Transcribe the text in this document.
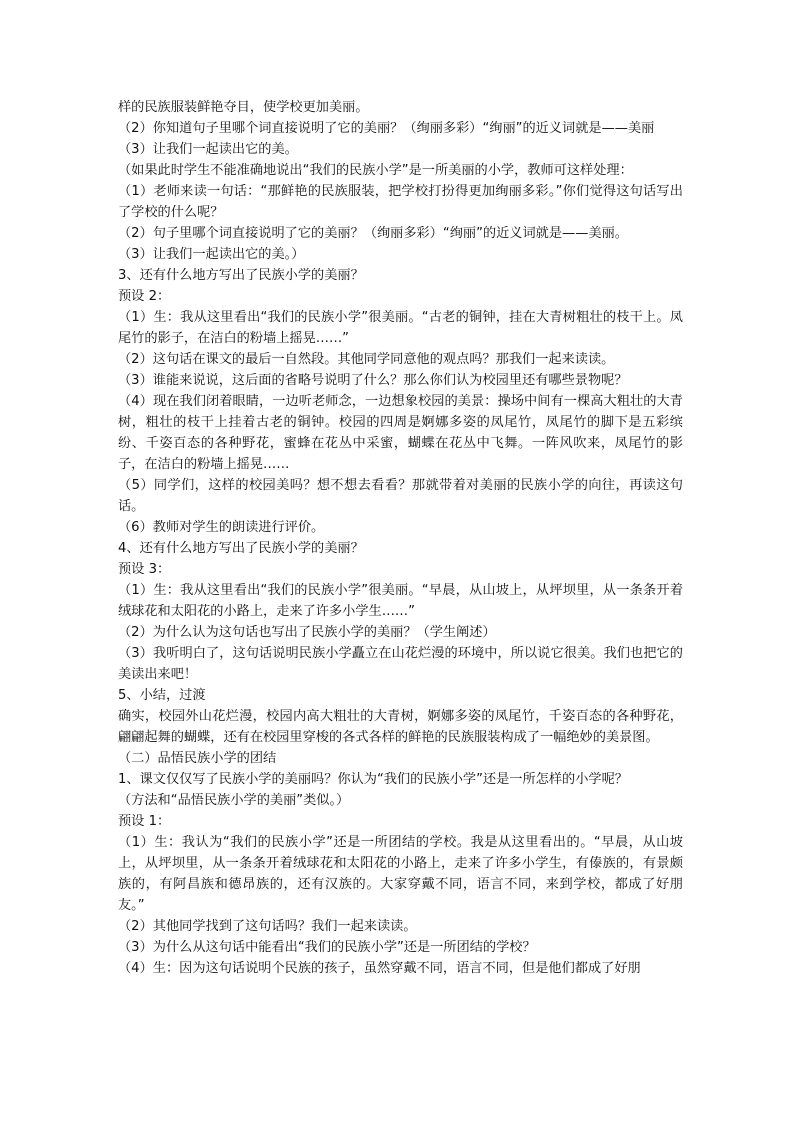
样的民族服装鲜艳夺目，使学校更加美丽。

（2）你知道句子里哪个词直接说明了它的美丽？（绚丽多彩）“绚丽”的近义词就是——美丽

（3）让我们一起读出它的美。

（如果此时学生不能准确地说出“我们的民族小学”是一所美丽的小学，教师可这样处理：

（1）老师来读一句话：“那鲜艳的民族服装，把学校打扮得更加绚丽多彩。”你们觉得这句话写出了学校的什么呢？

（2）句子里哪个词直接说明了它的美丽？（绚丽多彩）“绚丽”的近义词就是——美丽。

（3）让我们一起读出它的美。）

3、还有什么地方写出了民族小学的美丽？

预设 2：

（1）生：我从这里看出“我们的民族小学”很美丽。“古老的铜钟，挂在大青树粗壮的枝干上。凤尾竹的影子，在洁白的粉墙上摇晃……”

（2）这句话在课文的最后一自然段。其他同学同意他的观点吗？那我们一起来读读。

（3）谁能来说说，这后面的省略号说明了什么？那么你们认为校园里还有哪些景物呢？

（4）现在我们闭着眼睛，一边听老师念，一边想象校园的美景：操场中间有一棵高大粗壮的大青树，粗壮的枝干上挂着古老的铜钟。校园的四周是婀娜多姿的凤尾竹，凤尾竹的脚下是五彩缤纷、千姿百态的各种野花，蜜蜂在花丛中采蜜，蝴蝶在花丛中飞舞。一阵风吹来，凤尾竹的影子，在洁白的粉墙上摇晃……

（5）同学们，这样的校园美吗？想不想去看看？那就带着对美丽的民族小学的向往，再读这句话。

（6）教师对学生的朗读进行评价。

4、还有什么地方写出了民族小学的美丽？

预设 3：

（1）生：我从这里看出“我们的民族小学”很美丽。“早晨，从山坡上，从坪坝里，从一条条开着绒球花和太阳花的小路上，走来了许多小学生……”

（2）为什么认为这句话也写出了民族小学的美丽？（学生阐述）

（3）我听明白了，这句话说明民族小学矗立在山花烂漫的环境中，所以说它很美。我们也把它的美读出来吧！

5、小结，过渡

确实，校园外山花烂漫，校园内高大粗壮的大青树，婀娜多姿的凤尾竹，千姿百态的各种野花，翩翩起舞的蝴蝶，还有在校园里穿梭的各式各样的鲜艳的民族服装构成了一幅绝妙的美景图。

（二）品悟民族小学的团结

1、课文仅仅写了民族小学的美丽吗？你认为“我们的民族小学”还是一所怎样的小学呢？

（方法和“品悟民族小学的美丽”类似。）

预设 1：

（1）生：我认为“我们的民族小学”还是一所团结的学校。我是从这里看出的。“早晨，从山坡上，从坪坝里，从一条条开着绒球花和太阳花的小路上，走来了许多小学生，有傣族的，有景颇族的，有阿昌族和德昂族的，还有汉族的。大家穿戴不同，语言不同，来到学校，都成了好朋友。”

（2）其他同学找到了这句话吗？我们一起来读读。

（3）为什么从这句话中能看出“我们的民族小学”还是一所团结的学校？

（4）生：因为这句话说明个民族的孩子，虽然穿戴不同，语言不同，但是他们都成了好朋
